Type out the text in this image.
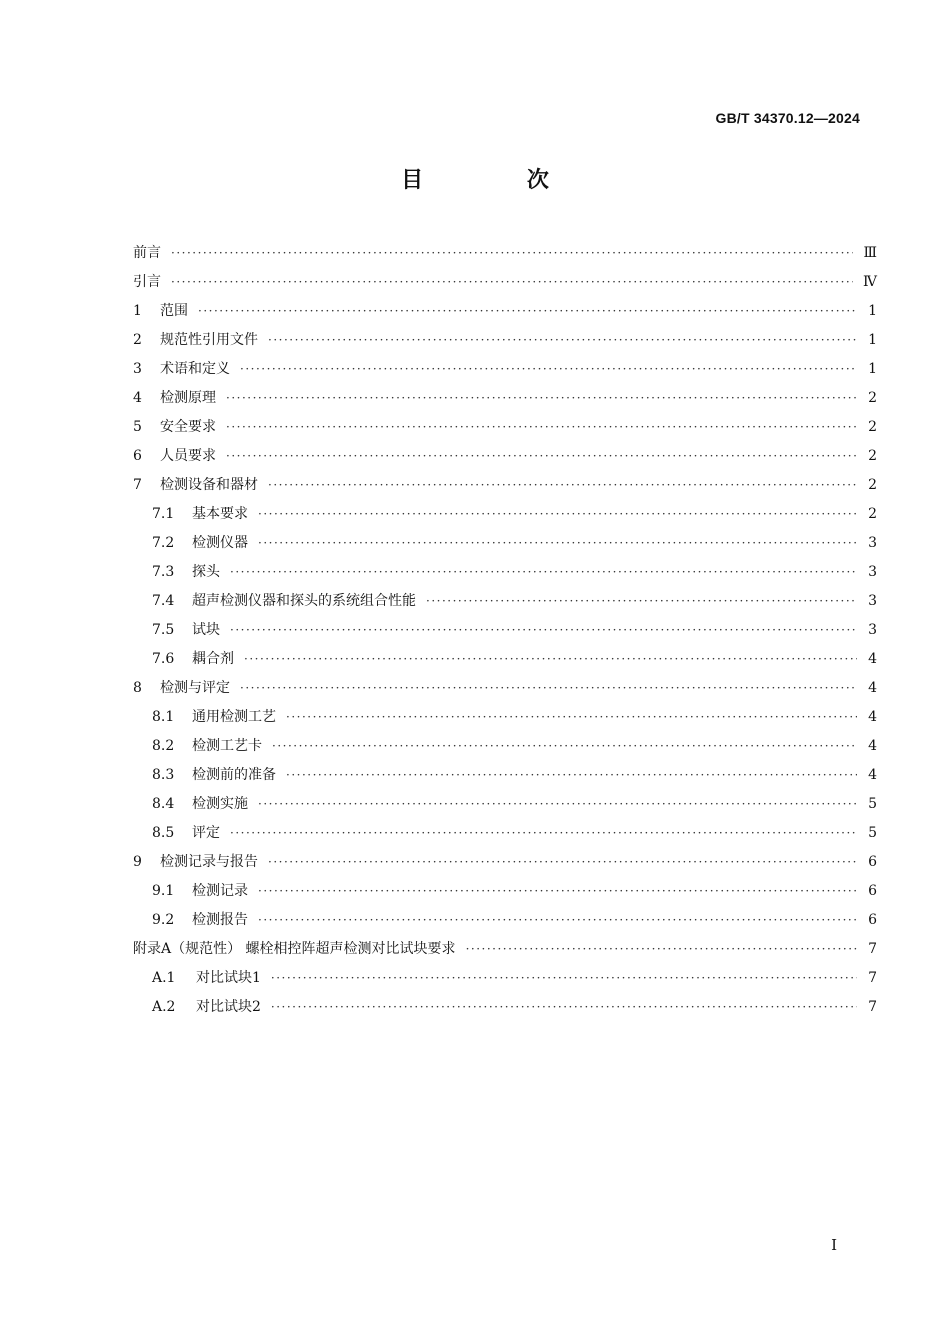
GB/T 34370.12—2024
目 次
前言 ·····	Ⅲ
引言 ·····	Ⅳ
1	范围 ·····	1
2	规范性引用文件 ·····	1
3	术语和定义 ·····	1
4	检测原理 ·····	2
5	安全要求 ·····	2
6	人员要求 ·····	2
7	检测设备和器材 ·····	2
7.1	基本要求 ·····	2
7.2	检测仪器 ·····	3
7.3	探头 ·····	3
7.4	超声检测仪器和探头的系统组合性能 ·····	3
7.5	试块 ·····	3
7.6	耦合剂 ·····	4
8	检测与评定 ·····	4
8.1	通用检测工艺 ·····	4
8.2	检测工艺卡 ·····	4
8.3	检测前的准备 ·····	4
8.4	检测实施 ·····	5
8.5	评定 ·····	5
9	检测记录与报告 ·····	6
9.1	检测记录 ·····	6
9.2	检测报告 ·····	6
附录A（规范性） 螺栓相控阵超声检测对比试块要求 ·····	7
A.1	对比试块1 ·····	7
A.2	对比试块2 ·····	7
I
